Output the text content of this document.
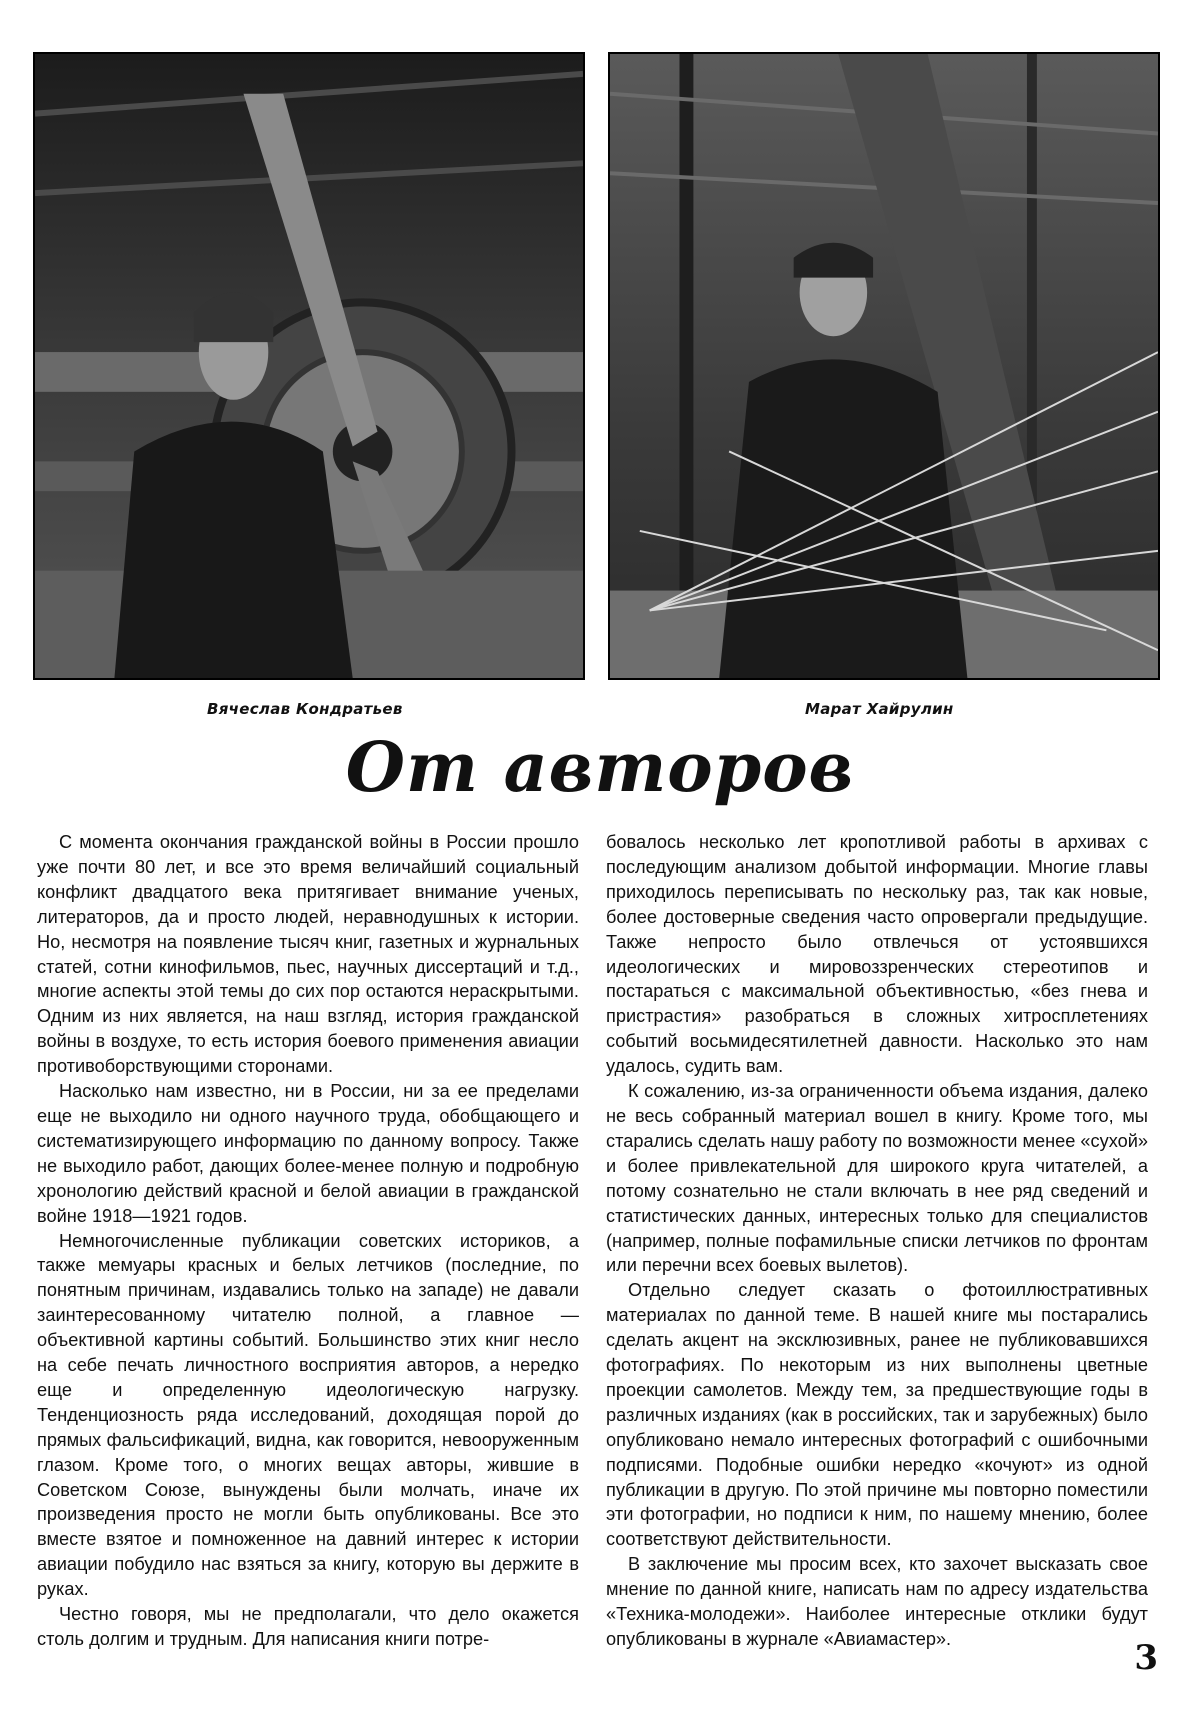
Вячеслав Кондратьев	Марат Хайрулин
От авторов

С момента окончания гражданской войны в России прошло уже почти 80 лет, и все это время величайший социальный конфликт двадцатого века притягивает внимание ученых, литераторов, да и просто людей, неравнодушных к истории. Но, несмотря на появление тысяч книг, газетных и журнальных статей, сотни кинофильмов, пьес, научных диссертаций и т.д., многие аспекты этой темы до сих пор остаются нераскрытыми. Одним из них является, на наш взгляд, история гражданской войны в воздухе, то есть история боевого применения авиации противоборствующими сторонами.

Насколько нам известно, ни в России, ни за ее пределами еще не выходило ни одного научного труда, обобщающего и систематизирующего информацию по данному вопросу. Также не выходило работ, дающих более-менее полную и подробную хронологию действий красной и белой авиации в гражданской войне 1918—1921 годов.

Немногочисленные публикации советских историков, а также мемуары красных и белых летчиков (последние, по понятным причинам, издавались только на западе) не давали заинтересованному читателю полной, а главное — объективной картины событий. Большинство этих книг несло на себе печать личностного восприятия авторов, а нередко еще и определенную идеологическую нагрузку. Тенденциозность ряда исследований, доходящая порой до прямых фальсификаций, видна, как говорится, невооруженным глазом. Кроме того, о многих вещах авторы, жившие в Советском Союзе, вынуждены были молчать, иначе их произведения просто не могли быть опубликованы. Все это вместе взятое и помноженное на давний интерес к истории авиации побудило нас взяться за книгу, которую вы держите в руках.

Честно говоря, мы не предполагали, что дело окажется столь долгим и трудным. Для написания книги потре-

бовалось несколько лет кропотливой работы в архивах с последующим анализом добытой информации. Многие главы приходилось переписывать по нескольку раз, так как новые, более достоверные сведения часто опровергали предыдущие. Также непросто было отвлечься от устоявшихся идеологических и мировоззренческих стереотипов и постараться с максимальной объективностью, «без гнева и пристрастия» разобраться в сложных хитросплетениях событий восьмидесятилетней давности. Насколько это нам удалось, судить вам.

К сожалению, из-за ограниченности объема издания, далеко не весь собранный материал вошел в книгу. Кроме того, мы старались сделать нашу работу по возможности менее «сухой» и более привлекательной для широкого круга читателей, а потому сознательно не стали включать в нее ряд сведений и статистических данных, интересных только для специалистов (например, полные пофамильные списки летчиков по фронтам или перечни всех боевых вылетов).

Отдельно следует сказать о фотоиллюстративных материалах по данной теме. В нашей книге мы постарались сделать акцент на эксклюзивных, ранее не публиковавшихся фотографиях. По некоторым из них выполнены цветные проекции самолетов. Между тем, за предшествующие годы в различных изданиях (как в российских, так и зарубежных) было опубликовано немало интересных фотографий с ошибочными подписями. Подобные ошибки нередко «кочуют» из одной публикации в другую. По этой причине мы повторно поместили эти фотографии, но подписи к ним, по нашему мнению, более соответствуют действительности.

В заключение мы просим всех, кто захочет высказать свое мнение по данной книге, написать нам по адресу издательства «Техника-молодежи». Наиболее интересные отклики будут опубликованы в журнале «Авиамастер».	3
